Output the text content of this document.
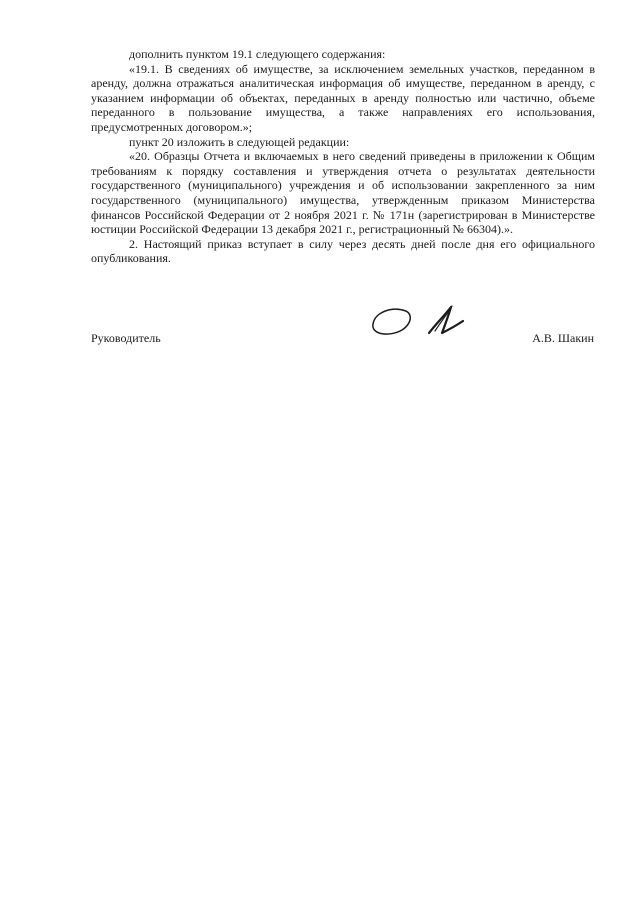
дополнить пунктом 19.1 следующего содержания:

«19.1. В сведениях об имуществе, за исключением земельных участков, переданном в аренду, должна отражаться аналитическая информация об имуществе, переданном в аренду, с указанием информации об объектах, переданных в аренду полностью или частично, объеме переданного в пользование имущества, а также направлениях его использования, предусмотренных договором.»;

пункт 20 изложить в следующей редакции:

«20. Образцы Отчета и включаемых в него сведений приведены в приложении к Общим требованиям к порядку составления и утверждения отчета о результатах деятельности государственного (муниципального) учреждения и об использовании закрепленного за ним государственного (муниципального) имущества, утвержденным приказом Министерства финансов Российской Федерации от 2 ноября 2021 г. № 171н (зарегистрирован в Министерстве юстиции Российской Федерации 13 декабря 2021 г., регистрационный № 66304).».

2. Настоящий приказ вступает в силу через десять дней после дня его официального опубликования.

Руководитель	А.В. Шакин
